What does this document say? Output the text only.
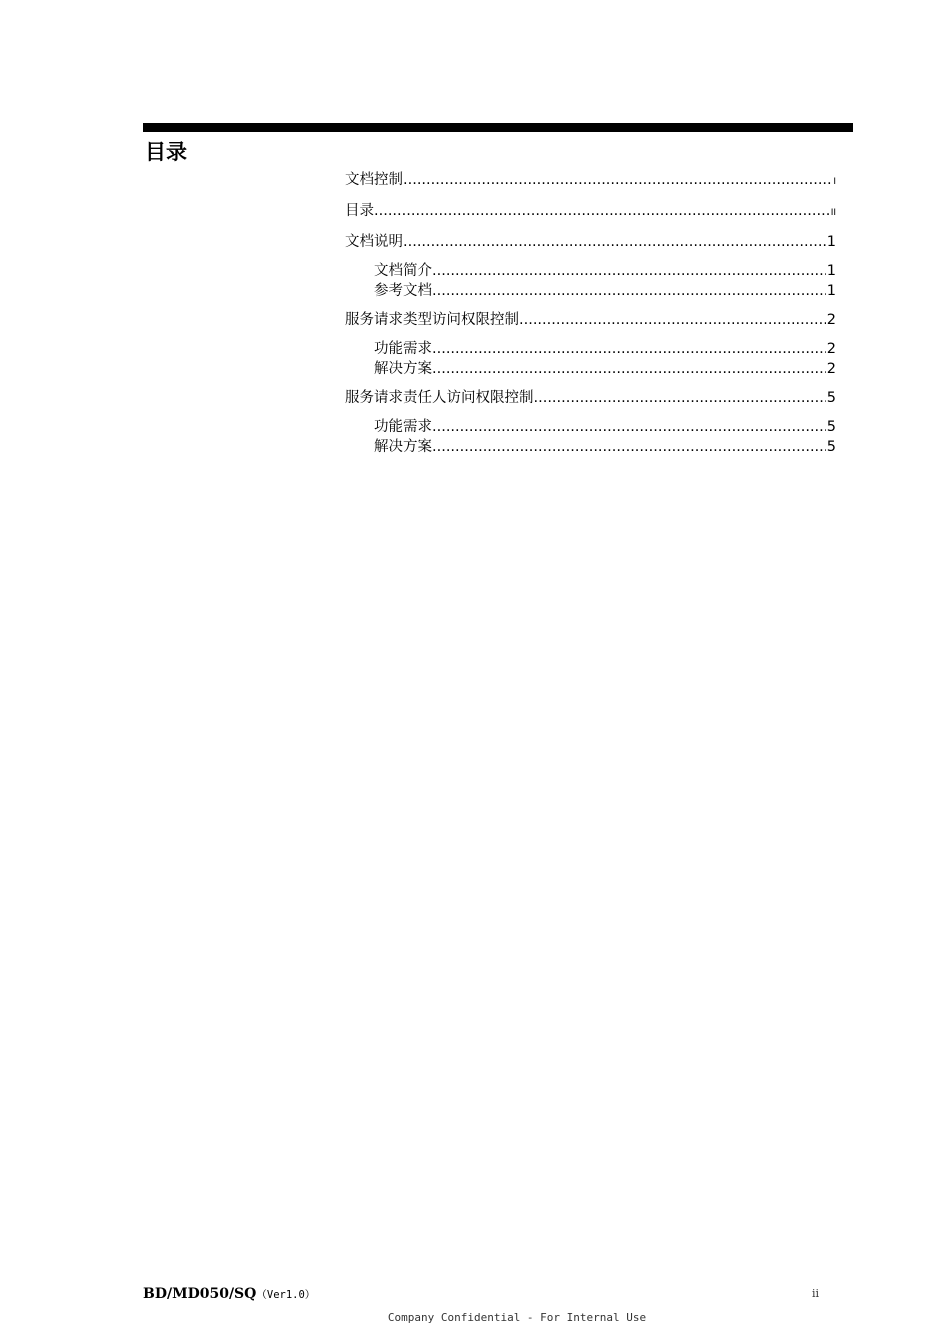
目录
文档控制 .....	I
目录 .....	II
文档说明 .....	1
文档简介 .....	1
参考文档 .....	1
服务请求类型访问权限控制 .....	2
功能需求 .....	2
解决方案 .....	2
服务请求责任人访问权限控制 .....	5
功能需求 .....	5
解决方案 .....	5
BD/MD050/SQ（Ver1.0）	ii
Company Confidential - For Internal Use
